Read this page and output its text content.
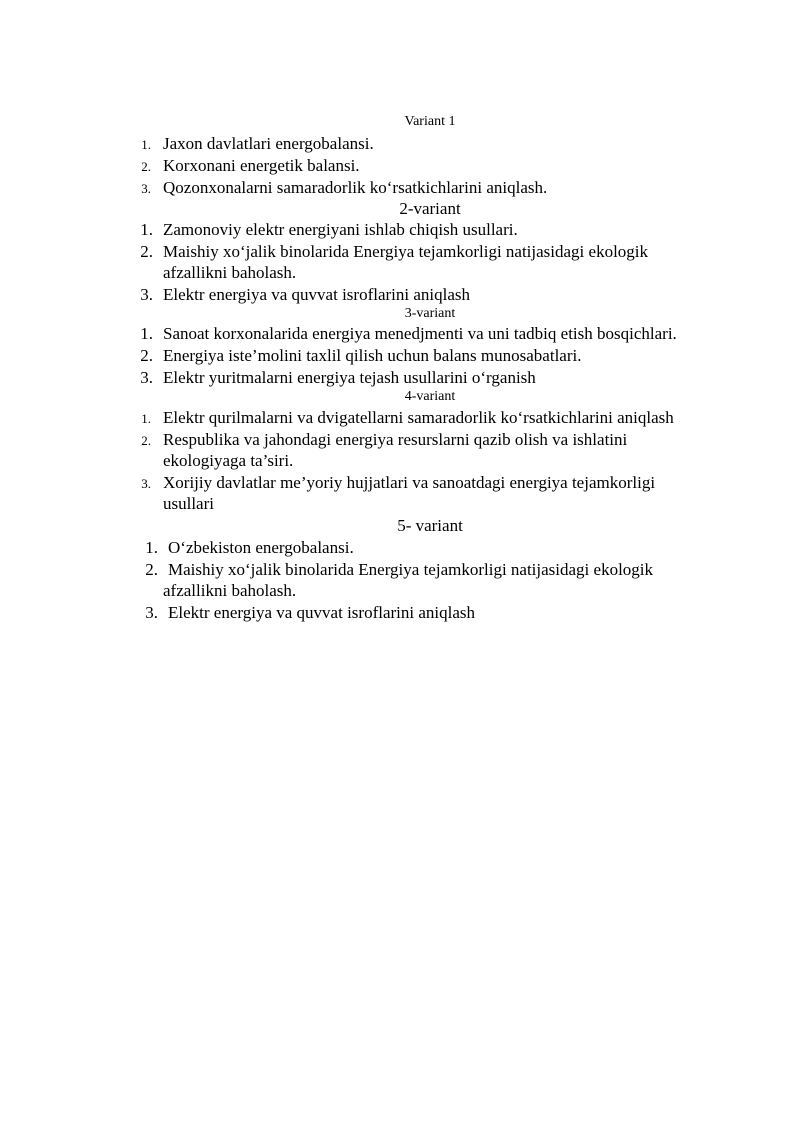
Variant 1
1. Jaxon davlatlari energobalansi.
2. Korxonani energetik balansi.
3. Qozonxonalarni samaradorlik ko‘rsatkichlarini aniqlash.
2-variant
1. Zamonoviy elektr energiyani ishlab chiqish usullari.
2. Maishiy xo‘jalik binolarida Energiya tejamkorligi natijasidagi ekologik
afzallikni baholash.
3. Elektr energiya va quvvat isroflarini aniqlash
3-variant
1. Sanoat korxonalarida energiya menedjmenti va uni tadbiq etish bosqichlari.
2. Energiya iste’molini taxlil qilish uchun balans munosabatlari.
3. Elektr yuritmalarni energiya tejash usullarini o‘rganish
4-variant
1. Elektr qurilmalarni va dvigatellarni samaradorlik ko‘rsatkichlarini aniqlash
2. Respublika va jahondagi energiya resurslarni qazib olish va ishlatini
ekologiyaga ta’siri.
3. Xorijiy davlatlar me’yoriy hujjatlari va sanoatdagi energiya tejamkorligi
usullari
5- variant
1. O‘zbekiston energobalansi.
2. Maishiy xo‘jalik binolarida Energiya tejamkorligi natijasidagi ekologik
afzallikni baholash.
3. Elektr energiya va quvvat isroflarini aniqlash
